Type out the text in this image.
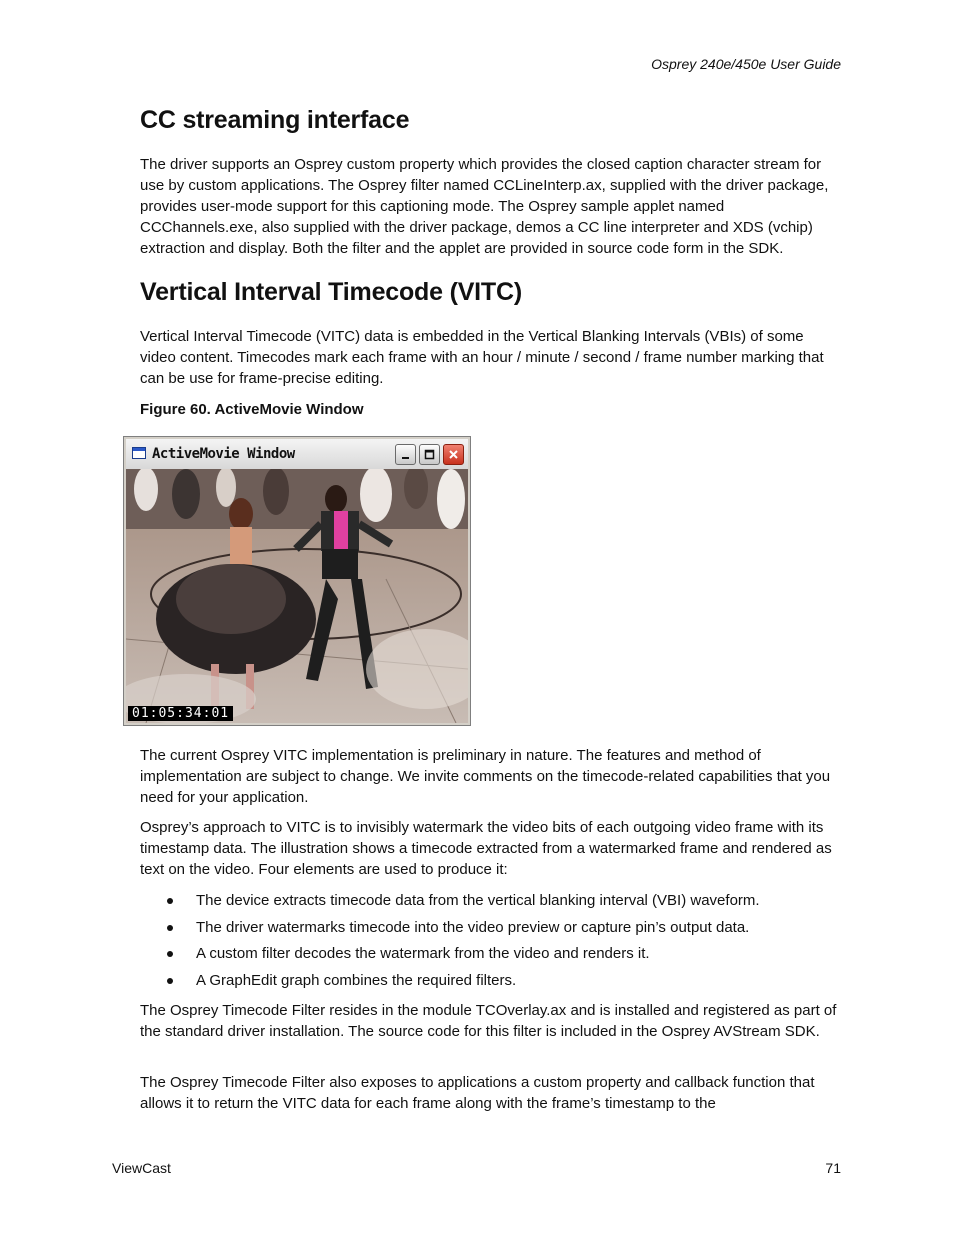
Osprey 240e/450e User Guide
CC streaming interface

The driver supports an Osprey custom property which provides the closed caption character stream for use by custom applications. The Osprey filter named CCLineInterp.ax, supplied with the driver package, provides user-mode support for this captioning mode. The Osprey sample applet named CCChannels.exe, also supplied with the driver package, demos a CC line interpreter and XDS (vchip) extraction and display. Both the filter and the applet are provided in source code form in the SDK.

Vertical Interval Timecode (VITC)

Vertical Interval Timecode (VITC) data is embedded in the Vertical Blanking Intervals (VBIs) of some video content. Timecodes mark each frame with an hour / minute / second / frame number marking that can be use for frame-precise editing.

Figure 60. ActiveMovie Window

ActiveMovie Window
01:05:34:01

The current Osprey VITC implementation is preliminary in nature. The features and method of implementation are subject to change. We invite comments on the timecode-related capabilities that you need for your application.

Osprey’s approach to VITC is to invisibly watermark the video bits of each outgoing video frame with its timestamp data. The illustration shows a timecode extracted from a watermarked frame and rendered as text on the video. Four elements are used to produce it:

The device extracts timecode data from the vertical blanking interval (VBI) waveform.
The driver watermarks timecode into the video preview or capture pin’s output data.
A custom filter decodes the watermark from the video and renders it.
A GraphEdit graph combines the required filters.

The Osprey Timecode Filter resides in the module TCOverlay.ax and is installed and registered as part of the standard driver installation. The source code for this filter is included in the Osprey AVStream SDK.

The Osprey Timecode Filter also exposes to applications a custom property and callback function that allows it to return the VITC data for each frame along with the frame’s timestamp to the

ViewCast	71
